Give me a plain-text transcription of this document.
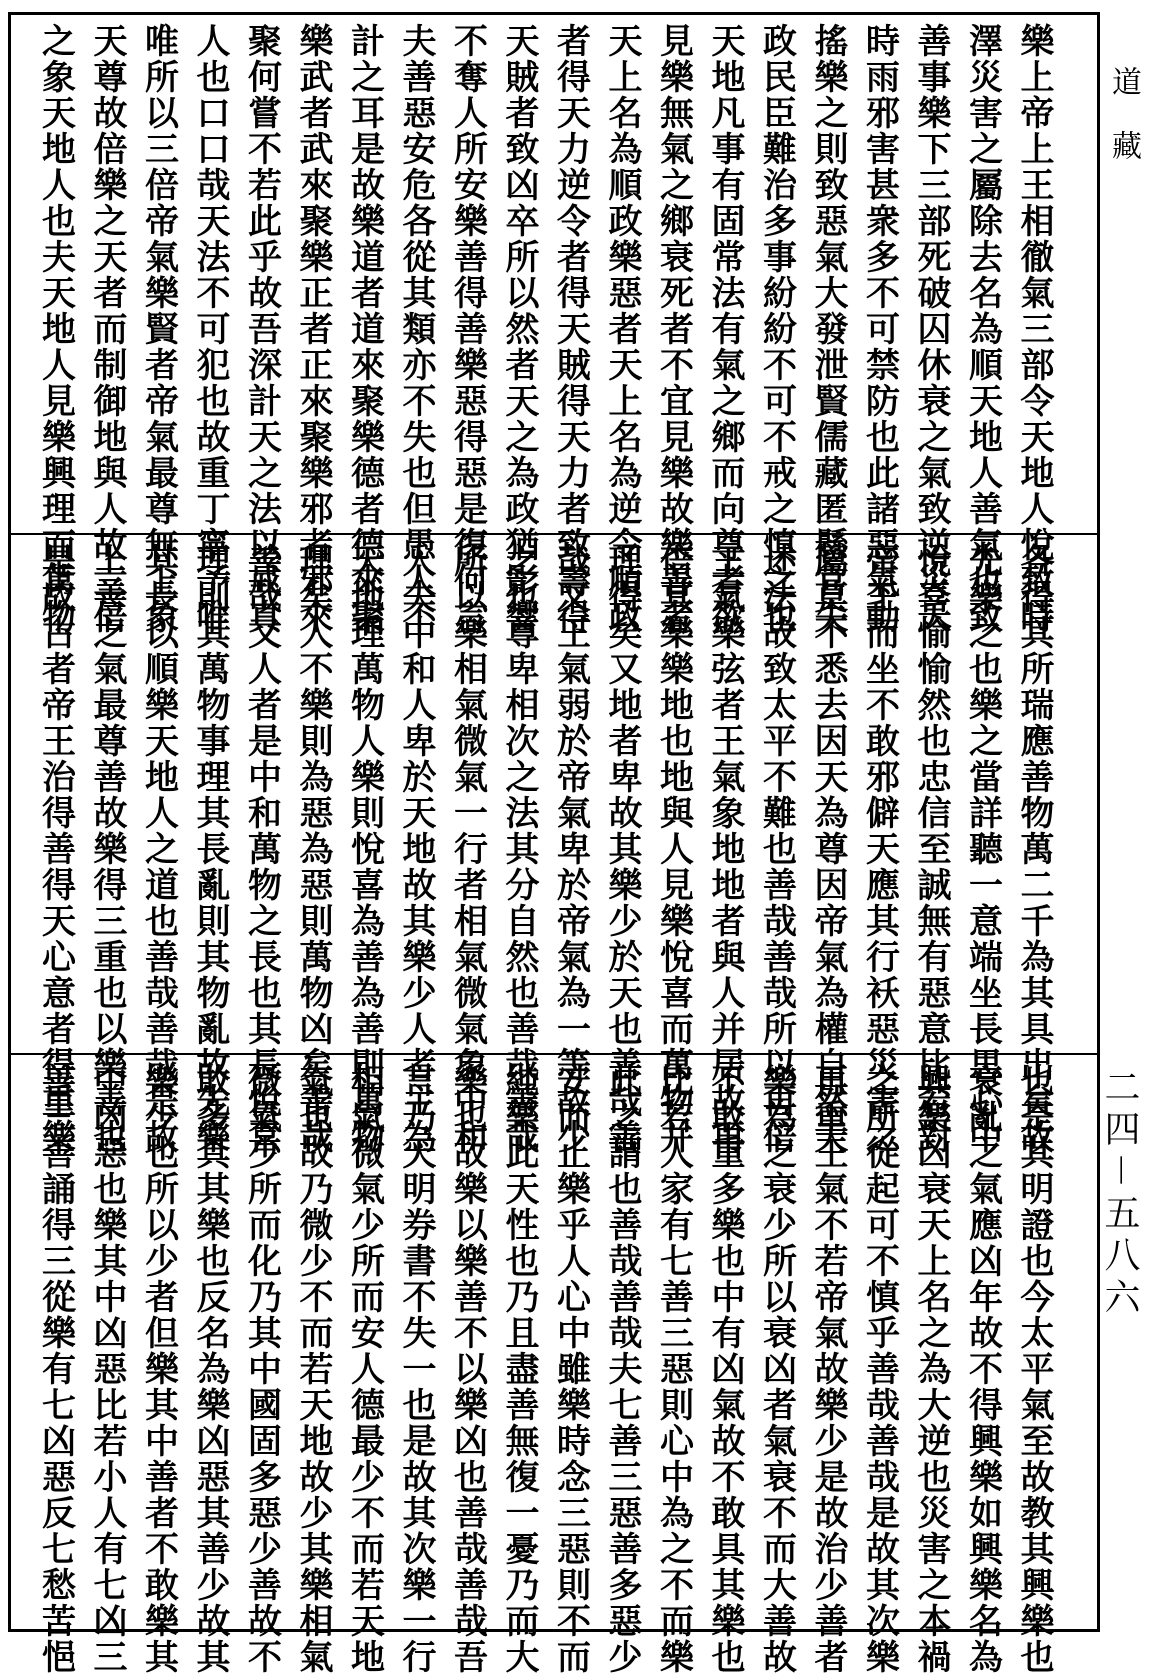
樂上帝上王相徹氣三部令天地人悅致時
澤災害之屬除去名為順天地人善氣也致
善事樂下三部死破囚休衰之氣致逆災夭
時雨邪害甚衆多不可禁防也此諸惡氣動
搖樂之則致惡氣大發泄賢儒藏匿懸官失
政民臣難治多事紛紛不可不戒之慎之也
天地凡事有固常法有氣之鄉而向尊者欲
見樂無氣之鄉衰死者不宜見樂故樂善者
天上名為順政樂惡者天上名為逆令順政
者得天力逆令者得天賊得天力者致壽得
天賊者致凶卒所以然者天之為政猶影響
不奪人所安樂善得善樂惡得惡是復何言
夫善惡安危各從其類亦不失也但愚人不
計之耳是故樂道者道來聚樂德者德來聚
樂武者武來聚樂正者正來聚樂邪者邪來
聚何嘗不若此乎故吾深計天之法以戒真
人也口口哉天法不可犯也故重丁寧予唯
唯所以三倍帝氣樂賢者帝氣最尊無上象
天尊故倍樂之天者而制御地與人故三倍
之象天地人也夫天地人見樂興理而萬物
各得其所瑞應善物萬二千為其具出矣故
先樂之也樂之當詳聽一意端坐長思心中
悅喜愉愉然也忠信至誠無有惡意比若對
帝王而坐不敢邪僻天應其行袄惡災害之
屬莫不悉去因天為尊因帝氣為權自然天
述法故致太平不難也善哉善哉所以再倍
王氣樂弦者王氣象地地者與人并居故再
倍其樂樂地也地與人見樂悅喜而萬物并
理得矣又地者卑故其樂少於天也善哉善
哉又王氣弱於帝氣卑於帝氣為一等故少
之也尊卑相次之法其分自然也善哉善哉
所以樂相氣微氣一行者相氣微氣象中和
人夫中和人卑於天地故其樂少人者主為
天地理萬物人樂則悅喜為善為善則萬物
理矣人不樂則為惡為惡則萬物凶矣善哉
善哉又人者是中和萬物之長也其長悅喜
理則其萬物事理其長亂則其物亂故先樂
其長以順樂天地人之道也善哉善哉是故
上善之氣最尊善故樂得三重也以樂善也
是故古者帝王治得善得天心意者得重樂
也是其明證也今太平氣至故教其興樂也
衰亂之氣應凶年故不得興樂如興樂名為
興樂凶衰天上名之為大逆也災害之本禍
之所從起可不慎乎善哉善哉是故其次樂
再重王氣不若帝氣故樂少是故治少善者
樂為之衰少所以衰凶者氣衰不而大善故
不敢重多樂也中有凶氣故不敢具其樂也
比若人家有七善三惡則心中為之不而樂
此之謂也善哉善哉夫七善三惡善多惡少
安而止樂乎人心中雖樂時念三惡則不而
純樂此天性也乃且盡善無復一憂乃而大
樂也故樂以樂善不以樂凶也善哉善哉吾
言乃天明券書不失一也是故其次樂一行
相氣微氣少所而安人德最少不而若天地
氣也故乃微少不而若天地故少其樂相氣
微氣少所而化乃其中國固多惡少善故不
敢多具其樂也反名為樂凶惡其善少故其
樂少也所以少者但樂其中善者不敢樂其
中凶惡也樂其中凶惡比若小人有七凶三
善三善誦得三從樂有七凶惡反七愁苦悒
道藏
二四－五八六
